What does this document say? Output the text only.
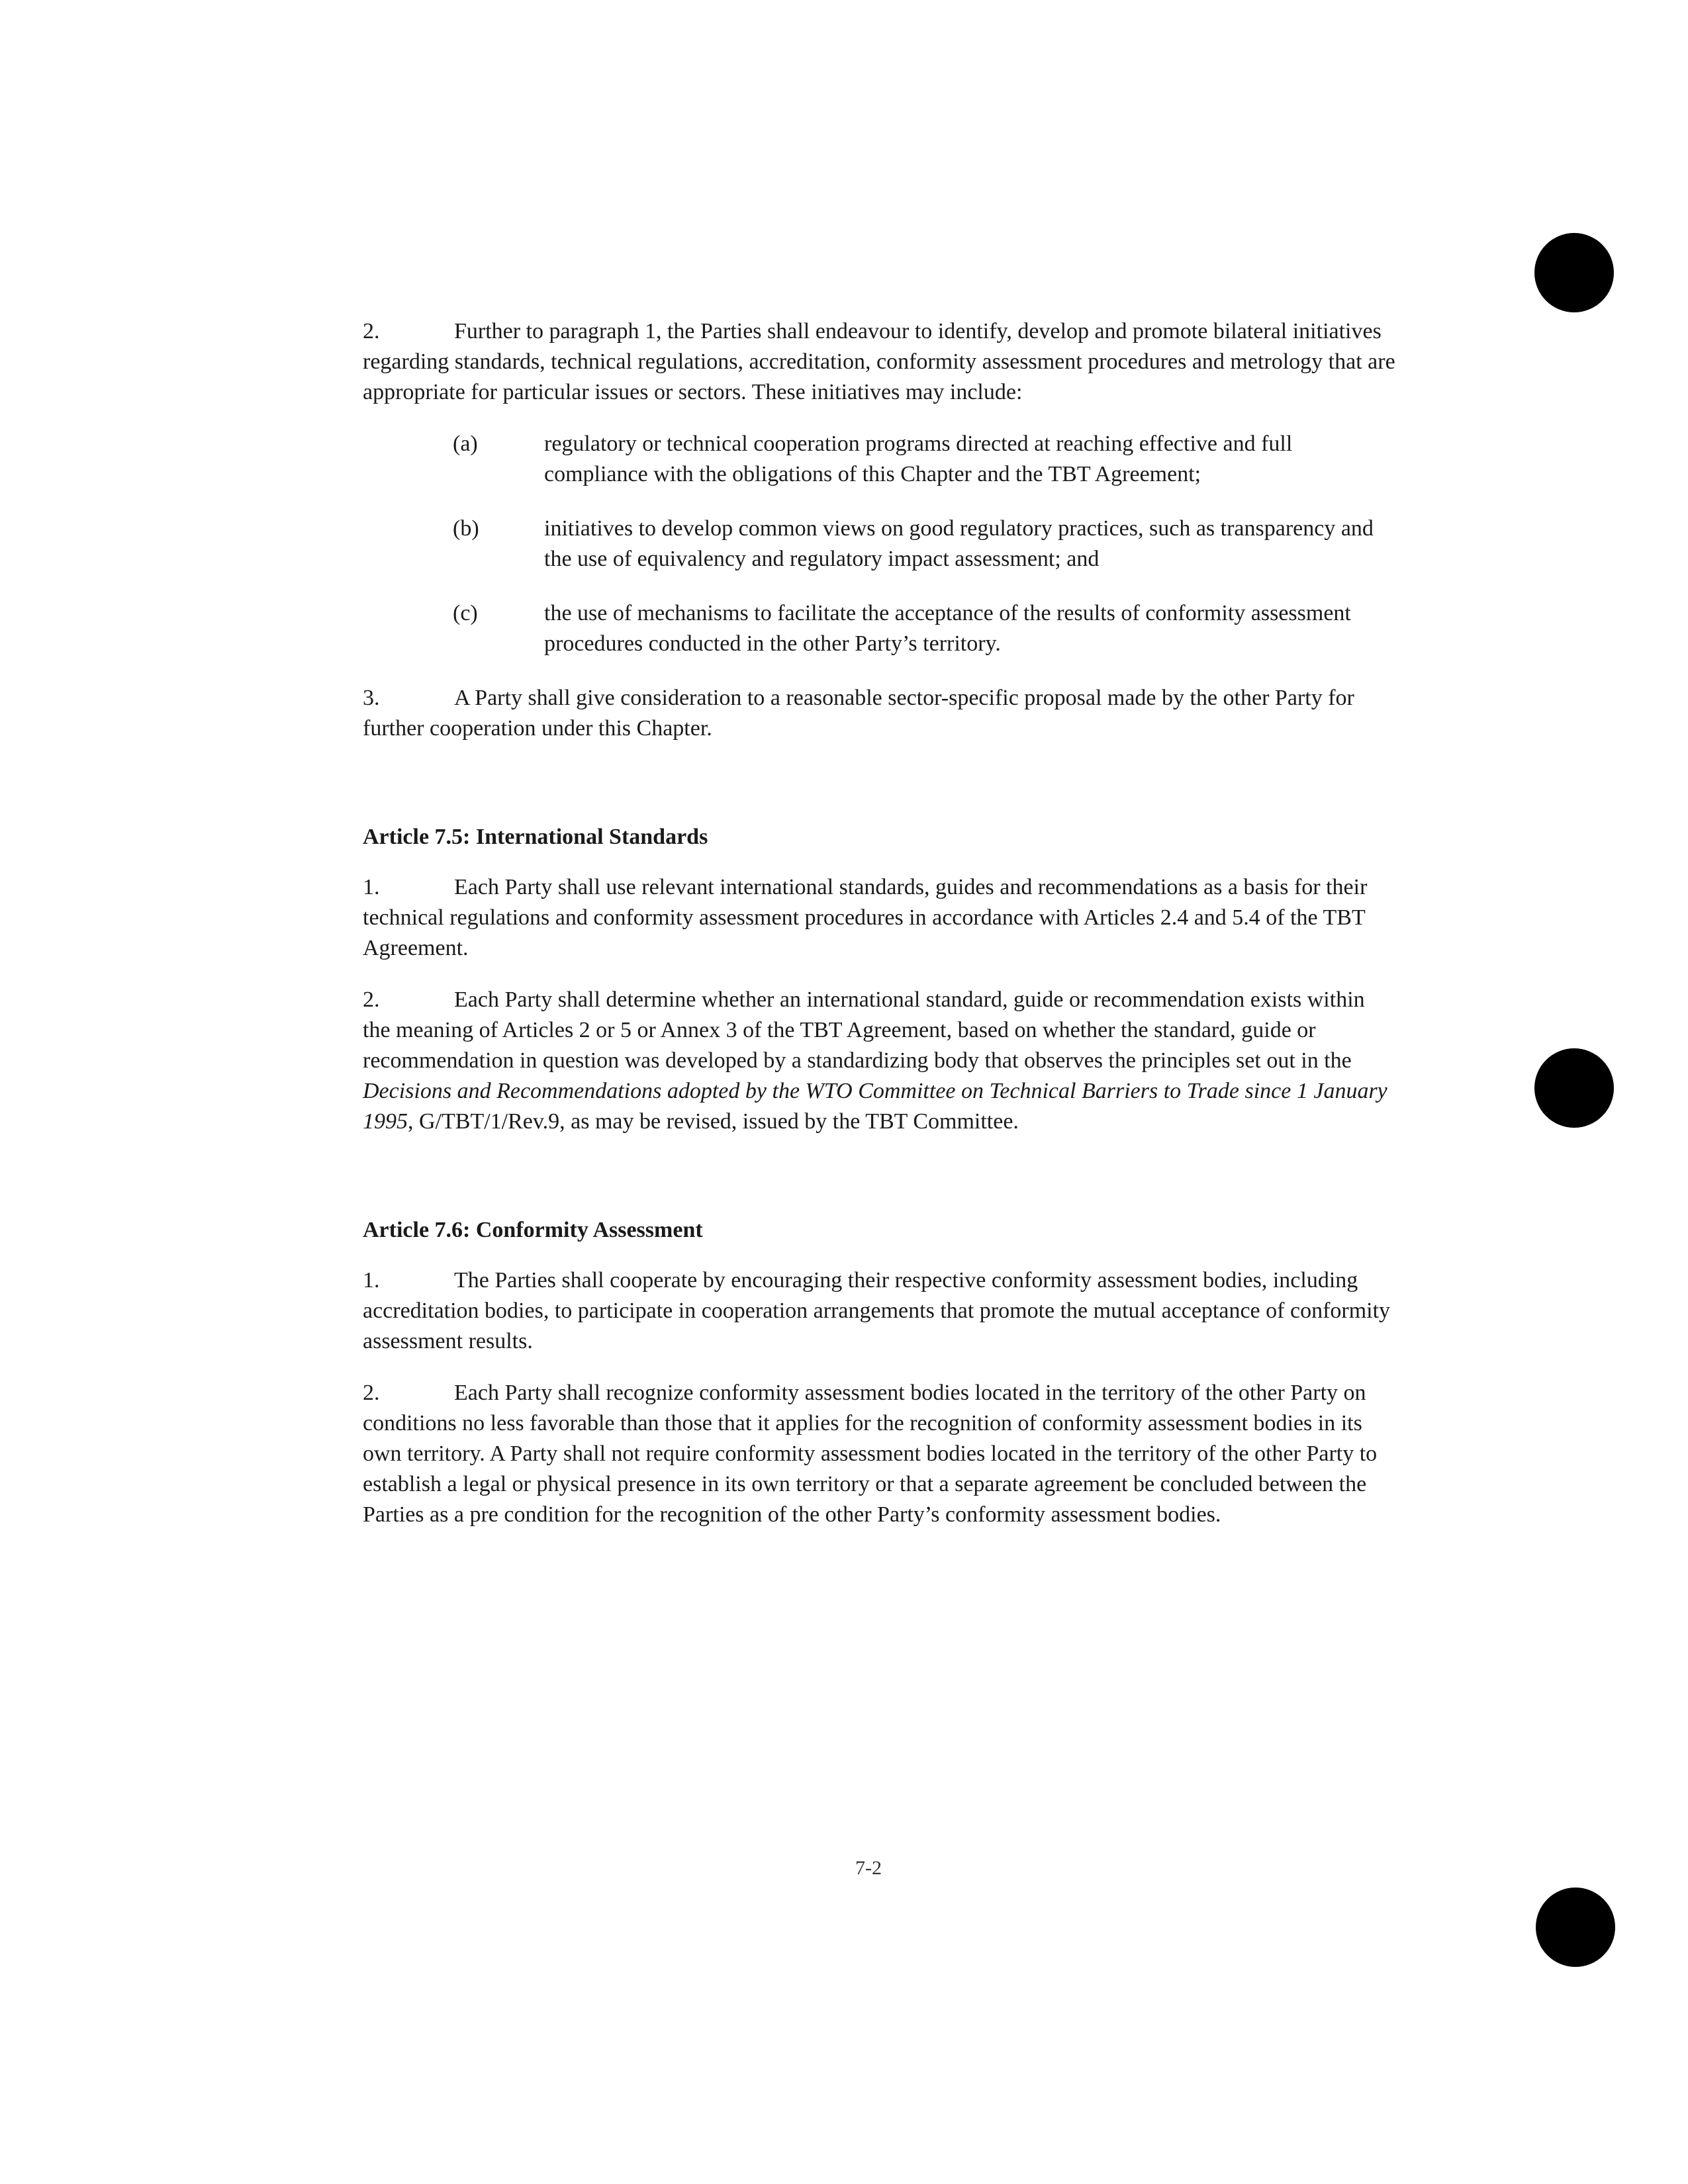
2.	Further to paragraph 1, the Parties shall endeavour to identify, develop and promote bilateral initiatives regarding standards, technical regulations, accreditation, conformity assessment procedures and metrology that are appropriate for particular issues or sectors. These initiatives may include:

(a)	regulatory or technical cooperation programs directed at reaching effective and full compliance with the obligations of this Chapter and the TBT Agreement;
(b)	initiatives to develop common views on good regulatory practices, such as transparency and the use of equivalency and regulatory impact assessment; and
(c)	the use of mechanisms to facilitate the acceptance of the results of conformity assessment procedures conducted in the other Party’s territory.

3.	A Party shall give consideration to a reasonable sector-specific proposal made by the other Party for further cooperation under this Chapter.

Article 7.5: International Standards

1.	Each Party shall use relevant international standards, guides and recommendations as a basis for their technical regulations and conformity assessment procedures in accordance with Articles 2.4 and 5.4 of the TBT Agreement.

2.	Each Party shall determine whether an international standard, guide or recommendation exists within the meaning of Articles 2 or 5 or Annex 3 of the TBT Agreement, based on whether the standard, guide or recommendation in question was developed by a standardizing body that observes the principles set out in the Decisions and Recommendations adopted by the WTO Committee on Technical Barriers to Trade since 1 January 1995, G/TBT/1/Rev.9, as may be revised, issued by the TBT Committee.

Article 7.6: Conformity Assessment

1.	The Parties shall cooperate by encouraging their respective conformity assessment bodies, including accreditation bodies, to participate in cooperation arrangements that promote the mutual acceptance of conformity assessment results.

2.	Each Party shall recognize conformity assessment bodies located in the territory of the other Party on conditions no less favorable than those that it applies for the recognition of conformity assessment bodies in its own territory. A Party shall not require conformity assessment bodies located in the territory of the other Party to establish a legal or physical presence in its own territory or that a separate agreement be concluded between the Parties as a pre condition for the recognition of the other Party’s conformity assessment bodies.

7-2
